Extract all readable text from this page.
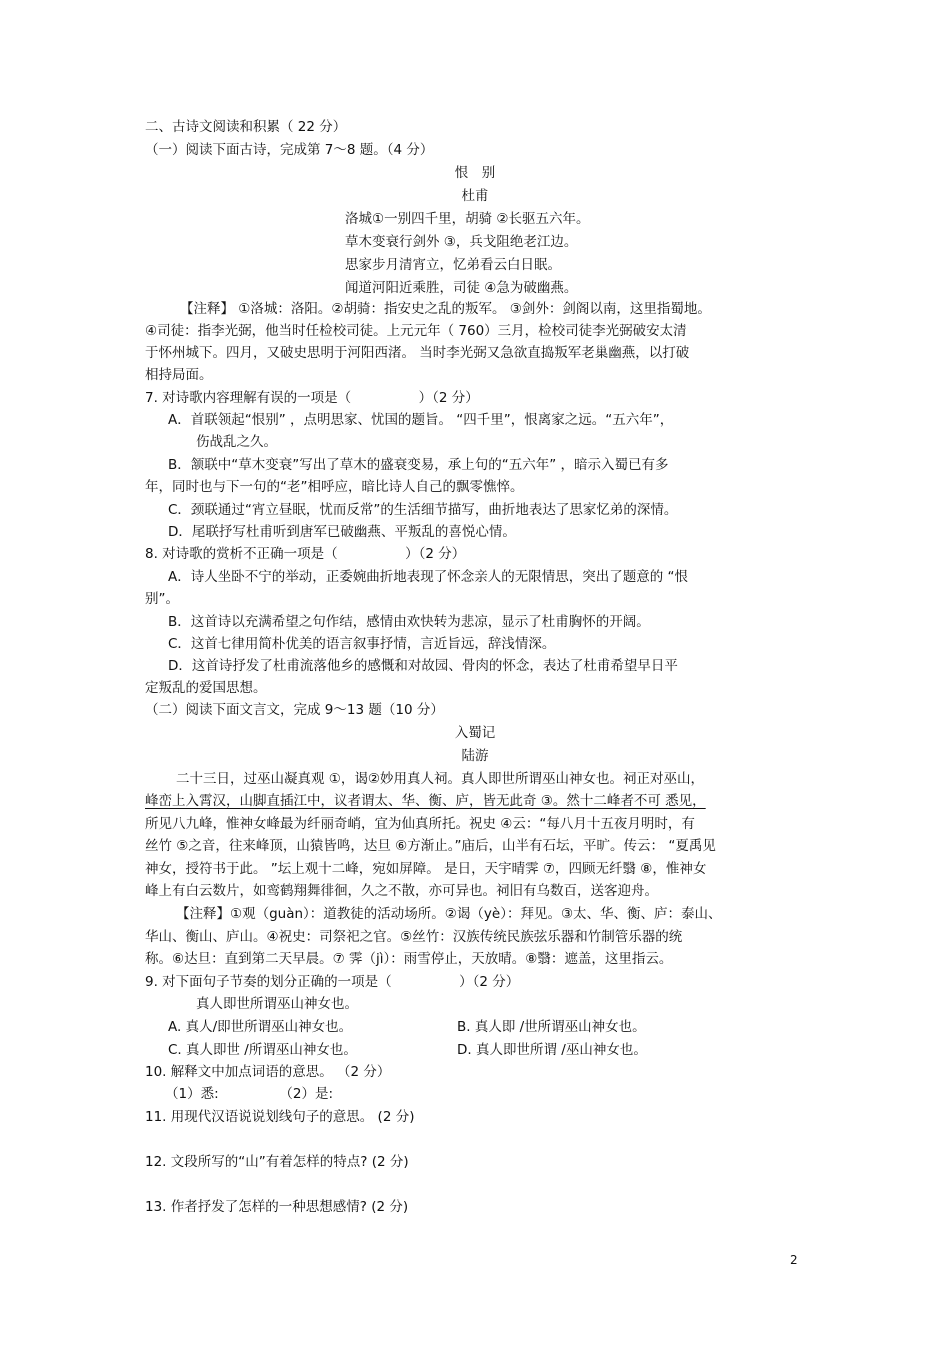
二、古诗文阅读和积累（ 22 分）
（一）阅读下面古诗，完成第 7～8 题。（4 分）
恨　别
杜甫
洛城①一别四千里，胡骑 ②长驱五六年。
草木变衰行剑外 ③，兵戈阻绝老江边。
思家步月清宵立，忆弟看云白日眠。
闻道河阳近乘胜，司徒 ④急为破幽燕。
【注释】 ①洛城：洛阳。②胡骑：指安史之乱的叛军。 ③剑外：剑阁以南，这里指蜀地。
④司徒：指李光弼，他当时任检校司徒。上元元年（ 760）三月，检校司徒李光弼破安太清
于怀州城下。四月，又破史思明于河阳西渚。 当时李光弼又急欲直捣叛军老巢幽燕，以打破
相持局面。
7. 对诗歌内容理解有误的一项是（　　　　　）（2 分）
A．首联领起“恨别” ，点明思家、忧国的题旨。 “四千里”，恨离家之远。“五六年”，
伤战乱之久。
B．颔联中“草木变衰”写出了草木的盛衰变易，承上句的“五六年” ，暗示入蜀已有多
年，同时也与下一句的“老”相呼应，暗比诗人自己的飘零憔悴。
C．颈联通过“宵立昼眠，忧而反常”的生活细节描写，曲折地表达了思家忆弟的深情。
D．尾联抒写杜甫听到唐军已破幽燕、平叛乱的喜悦心情。
8. 对诗歌的赏析不正确一项是（　　　　　）（2 分）
A．诗人坐卧不宁的举动，正委婉曲折地表现了怀念亲人的无限情思，突出了题意的 “恨
别”。
B．这首诗以充满希望之句作结，感情由欢快转为悲凉，显示了杜甫胸怀的开阔。
C．这首七律用简朴优美的语言叙事抒情，言近旨远，辞浅情深。
D．这首诗抒发了杜甫流落他乡的感慨和对故园、骨肉的怀念，表达了杜甫希望早日平
定叛乱的爱国思想。
（二）阅读下面文言文，完成 9～13 题（10 分）
入蜀记
陆游
二十三日，过巫山凝真观 ①，谒②妙用真人祠。真人即世所谓巫山神女也。祠正对巫山，
峰峦上入霄汉，山脚直插江中，议者谓太、华、衡、庐，皆无此奇 ③。然十二峰者不可 悉见，
所见八九峰，惟神女峰最为纤丽奇峭，宜为仙真所托。祝史 ④云：“每八月十五夜月明时，有
丝竹 ⑤之音，往来峰顶，山猿皆鸣，达旦 ⑥方渐止。”庙后，山半有石坛，平旷。传云： “夏禹见
神女，授符书于此。 ”坛上观十二峰，宛如屏障。 是日，天宇晴霁 ⑦，四顾无纤翳 ⑧，惟神女
峰上有白云数片，如鸾鹤翔舞徘徊，久之不散，亦可异也。祠旧有乌数百，送客迎舟。
【注释】①观（guàn）：道教徒的活动场所。②谒（yè）：拜见。③太、华、衡、庐：泰山、
华山、衡山、庐山。④祝史：司祭祀之官。⑤丝竹：汉族传统民族弦乐器和竹制管乐器的统
称。⑥达旦：直到第二天早晨。⑦ 霁（jì）：雨雪停止，天放晴。⑧翳：遮盖，这里指云。
9. 对下面句子节奏的划分正确的一项是（　　　　　）（2 分）
真人即世所谓巫山神女也。
A. 真人/即世所谓巫山神女也。	B. 真人即 /世所谓巫山神女也。
C. 真人即世 /所谓巫山神女也。	D. 真人即世所谓 /巫山神女也。
10. 解释文中加点词语的意思。 （2 分）
（1）悉:　　　　　（2）是:
11. 用现代汉语说说划线句子的意思。 (2 分)
12. 文段所写的“山”有着怎样的特点? (2 分)
13. 作者抒发了怎样的一种思想感情? (2 分)
2
